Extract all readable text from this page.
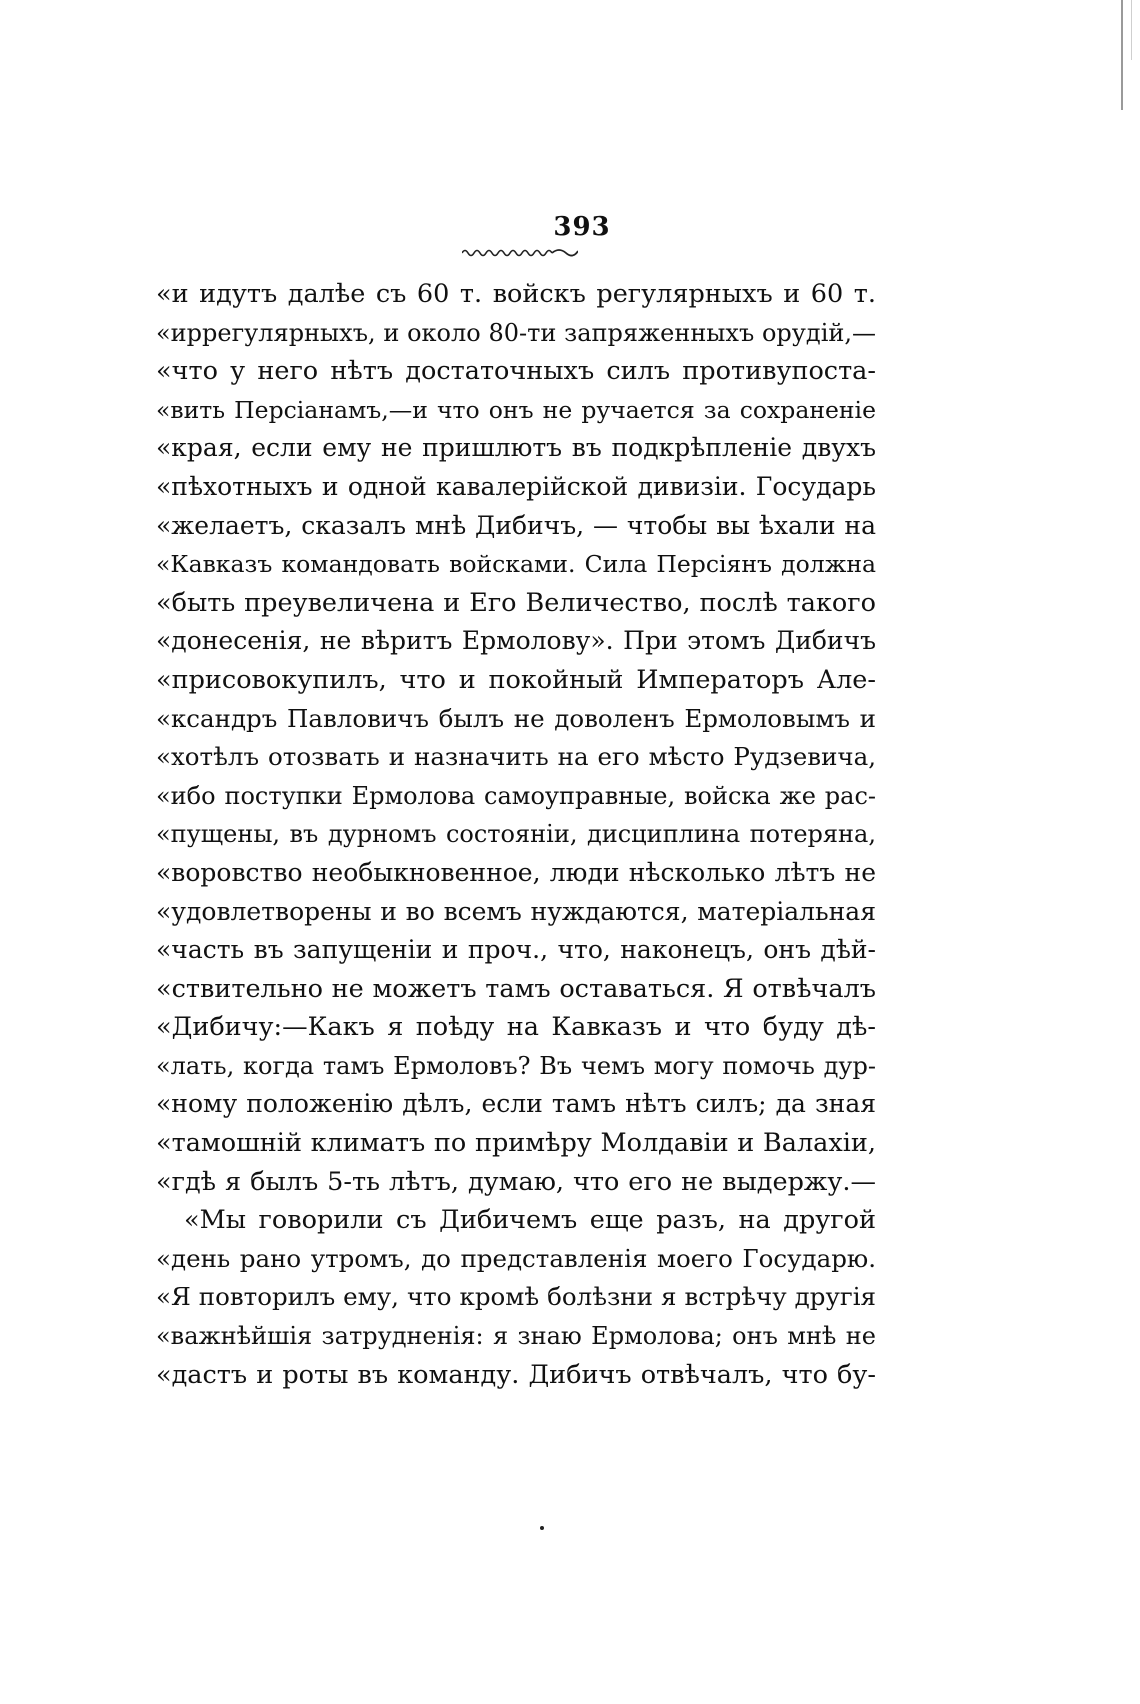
393
«и идутъ далѣе съ 60 т. войскъ регулярныхъ и 60 т.
«иррегулярныхъ, и около 80-ти запряженныхъ орудій,—
«что у него нѣтъ достаточныхъ силъ противупоста-
«вить Персіанамъ,—и что онъ не ручается за сохраненіе
«края, если ему не пришлютъ въ подкрѣпленіе двухъ
«пѣхотныхъ и одной кавалерійской дивизіи. Государь
«желаетъ, сказалъ мнѣ Дибичъ, — чтобы вы ѣхали на
«Кавказъ командовать войсками. Сила Персіянъ должна
«быть преувеличена и Его Величество, послѣ такого
«донесенія, не вѣритъ Ермолову». При этомъ Дибичъ
«присовокупилъ, что и покойный Императоръ Але-
«ксандръ Павловичъ былъ не доволенъ Ермоловымъ и
«хотѣлъ отозвать и назначить на его мѣсто Рудзевича,
«ибо поступки Ермолова самоуправные, войска же рас-
«пущены, въ дурномъ состояніи, дисциплина потеряна,
«воровство необыкновенное, люди нѣсколько лѣтъ не
«удовлетворены и во всемъ нуждаются, матеріальная
«часть въ запущеніи и проч., что, наконецъ, онъ дѣй-
«ствительно не можетъ тамъ оставаться. Я отвѣчалъ
«Дибичу:—Какъ я поѣду на Кавказъ и что буду дѣ-
«лать, когда тамъ Ермоловъ? Въ чемъ могу помочь дур-
«ному положенію дѣлъ, если тамъ нѣтъ силъ; да зная
«тамошній климатъ по примѣру Молдавіи и Валахіи,
«гдѣ я былъ 5-ть лѣтъ, думаю, что его не выдержу.—
«Мы говорили съ Дибичемъ еще разъ, на другой
«день рано утромъ, до представленія моего Государю.
«Я повторилъ ему, что кромѣ болѣзни я встрѣчу другія
«важнѣйшія затрудненія: я знаю Ермолова; онъ мнѣ не
«дастъ и роты въ команду. Дибичъ отвѣчалъ, что бу-
